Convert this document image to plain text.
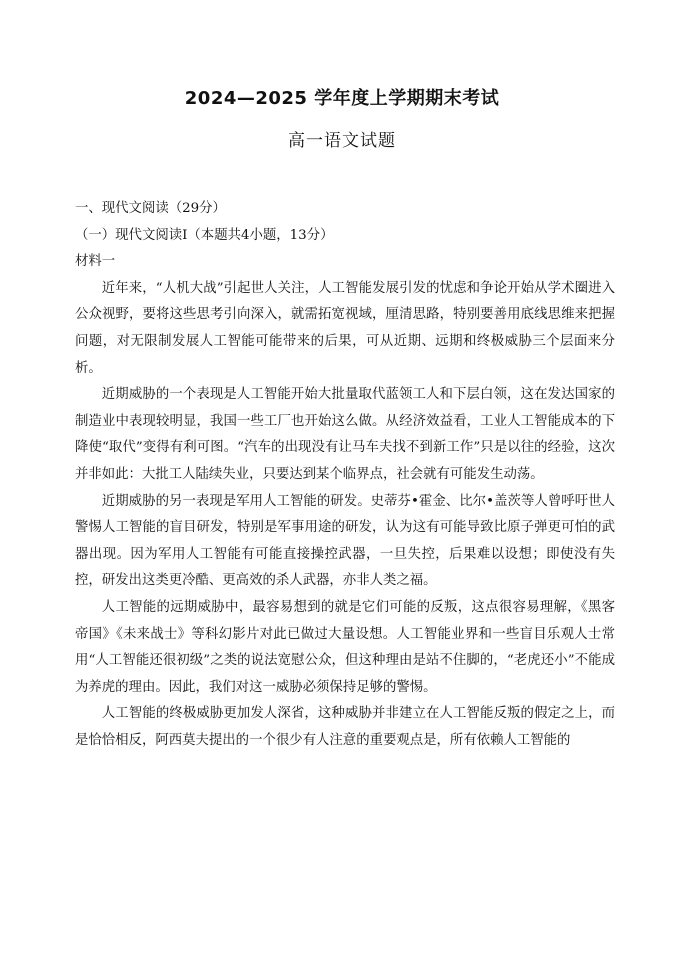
2024—2025 学年度上学期期末考试
高一语文试题

一、现代文阅读（29分）

（一）现代文阅读Ⅰ（本题共4小题，13分）

材料一

近年来，“人机大战”引起世人关注，人工智能发展引发的忧虑和争论开始从学术圈进入公众视野，要将这些思考引向深入，就需拓宽视域，厘清思路，特别要善用底线思维来把握问题，对无限制发展人工智能可能带来的后果，可从近期、远期和终极威胁三个层面来分析。

近期威胁的一个表现是人工智能开始大批量取代蓝领工人和下层白领，这在发达国家的制造业中表现较明显，我国一些工厂也开始这么做。从经济效益看，工业人工智能成本的下降使“取代”变得有利可图。“汽车的出现没有让马车夫找不到新工作”只是以往的经验，这次并非如此：大批工人陆续失业，只要达到某个临界点，社会就有可能发生动荡。

近期威胁的另一表现是军用人工智能的研发。史蒂芬•霍金、比尔•盖茨等人曾呼吁世人警惕人工智能的盲目研发，特别是军事用途的研发，认为这有可能导致比原子弹更可怕的武器出现。因为军用人工智能有可能直接操控武器，一旦失控，后果难以设想；即使没有失控，研发出这类更冷酷、更高效的杀人武器，亦非人类之福。

人工智能的远期威胁中，最容易想到的就是它们可能的反叛，这点很容易理解，《黑客帝国》《未来战士》等科幻影片对此已做过大量设想。人工智能业界和一些盲目乐观人士常用“人工智能还很初级”之类的说法宽慰公众，但这种理由是站不住脚的，“老虎还小”不能成为养虎的理由。因此，我们对这一威胁必须保持足够的警惕。

人工智能的终极威胁更加发人深省，这种威胁并非建立在人工智能反叛的假定之上，而是恰恰相反，阿西莫夫提出的一个很少有人注意的重要观点是，所有依赖人工智能的
